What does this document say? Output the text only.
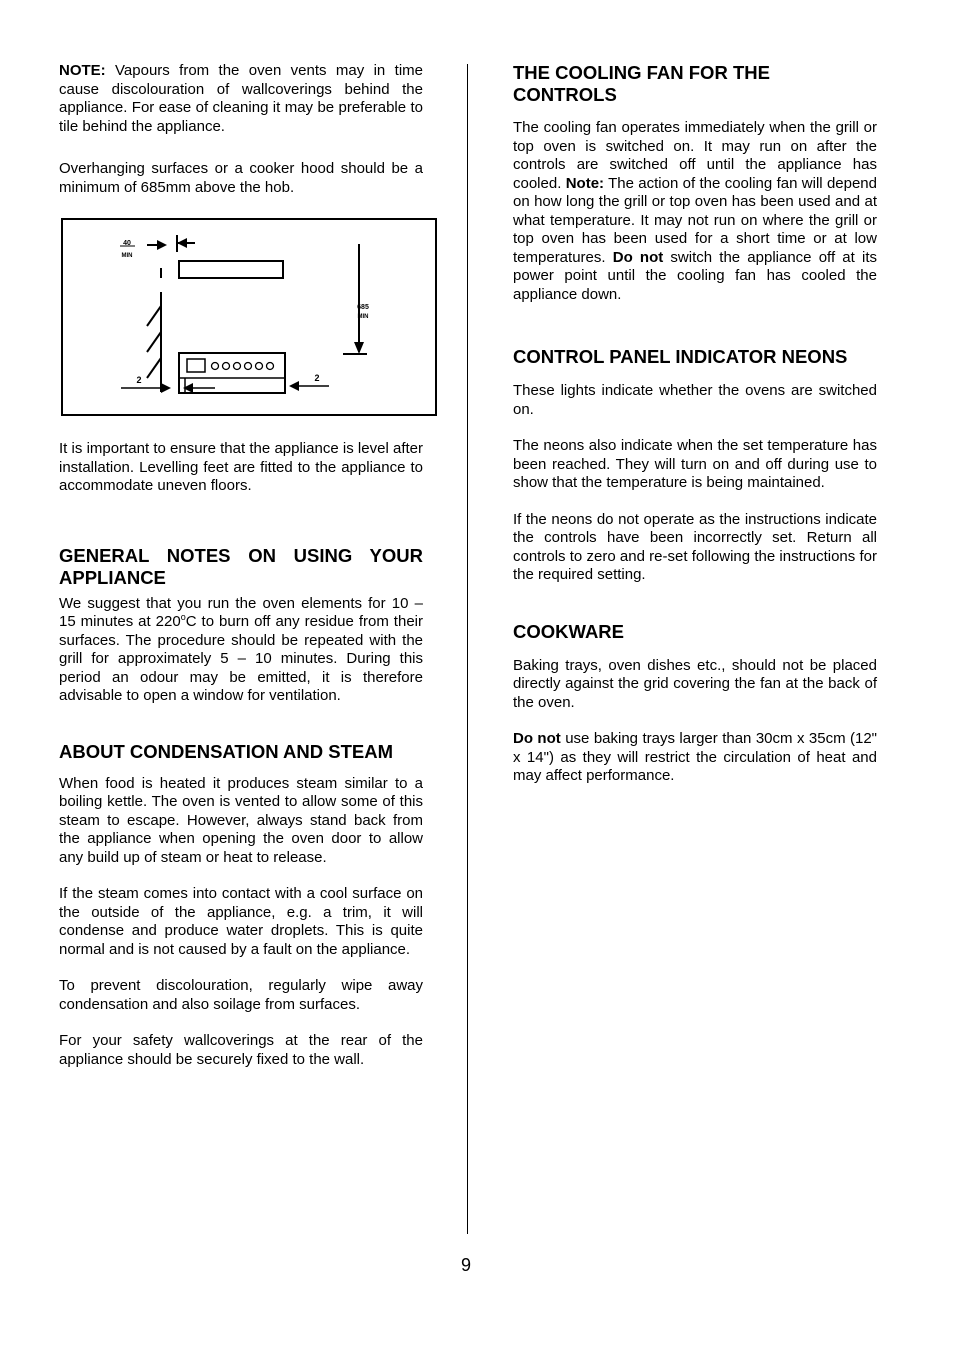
NOTE: Vapours from the oven vents may in time cause discolouration of wallcoverings behind the appliance. For ease of cleaning it may be preferable to tile behind the appliance.

Overhanging surfaces or a cooker hood should be a minimum of 685mm above the hob.

40
MIN
685
MIN
2	2

It is important to ensure that the appliance is level after installation. Levelling feet are fitted to the appliance to accommodate uneven floors.

GENERAL NOTES ON USING YOUR APPLIANCE

We suggest that you run the oven elements for 10 – 15 minutes at 220$^o$C to burn off any residue from their surfaces. The procedure should be repeated with the grill for approximately 5 – 10 minutes. During this period an odour may be emitted, it is therefore advisable to open a window for ventilation.

ABOUT CONDENSATION AND STEAM

When food is heated it produces steam similar to a boiling kettle. The oven is vented to allow some of this steam to escape. However, always stand back from the appliance when opening the oven door to allow any build up of steam or heat to release.

If the steam comes into contact with a cool surface on the outside of the appliance, e.g. a trim, it will condense and produce water droplets. This is quite normal and is not caused by a fault on the appliance.

To prevent discolouration, regularly wipe away condensation and also soilage from surfaces.

For your safety wallcoverings at the rear of the appliance should be securely fixed to the wall.

THE COOLING FAN FOR THE CONTROLS

The cooling fan operates immediately when the grill or top oven is switched on. It may run on after the controls are switched off until the appliance has cooled. Note: The action of the cooling fan will depend on how long the grill or top oven has been used and at what temperature. It may not run on where the grill or top oven has been used for a short time or at low temperatures. Do not switch the appliance off at its power point until the cooling fan has cooled the appliance down.

CONTROL PANEL INDICATOR NEONS

These lights indicate whether the ovens are switched on.

The neons also indicate when the set temperature has been reached. They will turn on and off during use to show that the temperature is being maintained.

If the neons do not operate as the instructions indicate the controls have been incorrectly set. Return all controls to zero and re-set following the instructions for the required setting.

COOKWARE

Baking trays, oven dishes etc., should not be placed directly against the grid covering the fan at the back of the oven.

Do not use baking trays larger than 30cm x 35cm (12" x 14") as they will restrict the circulation of heat and may affect performance.

9
